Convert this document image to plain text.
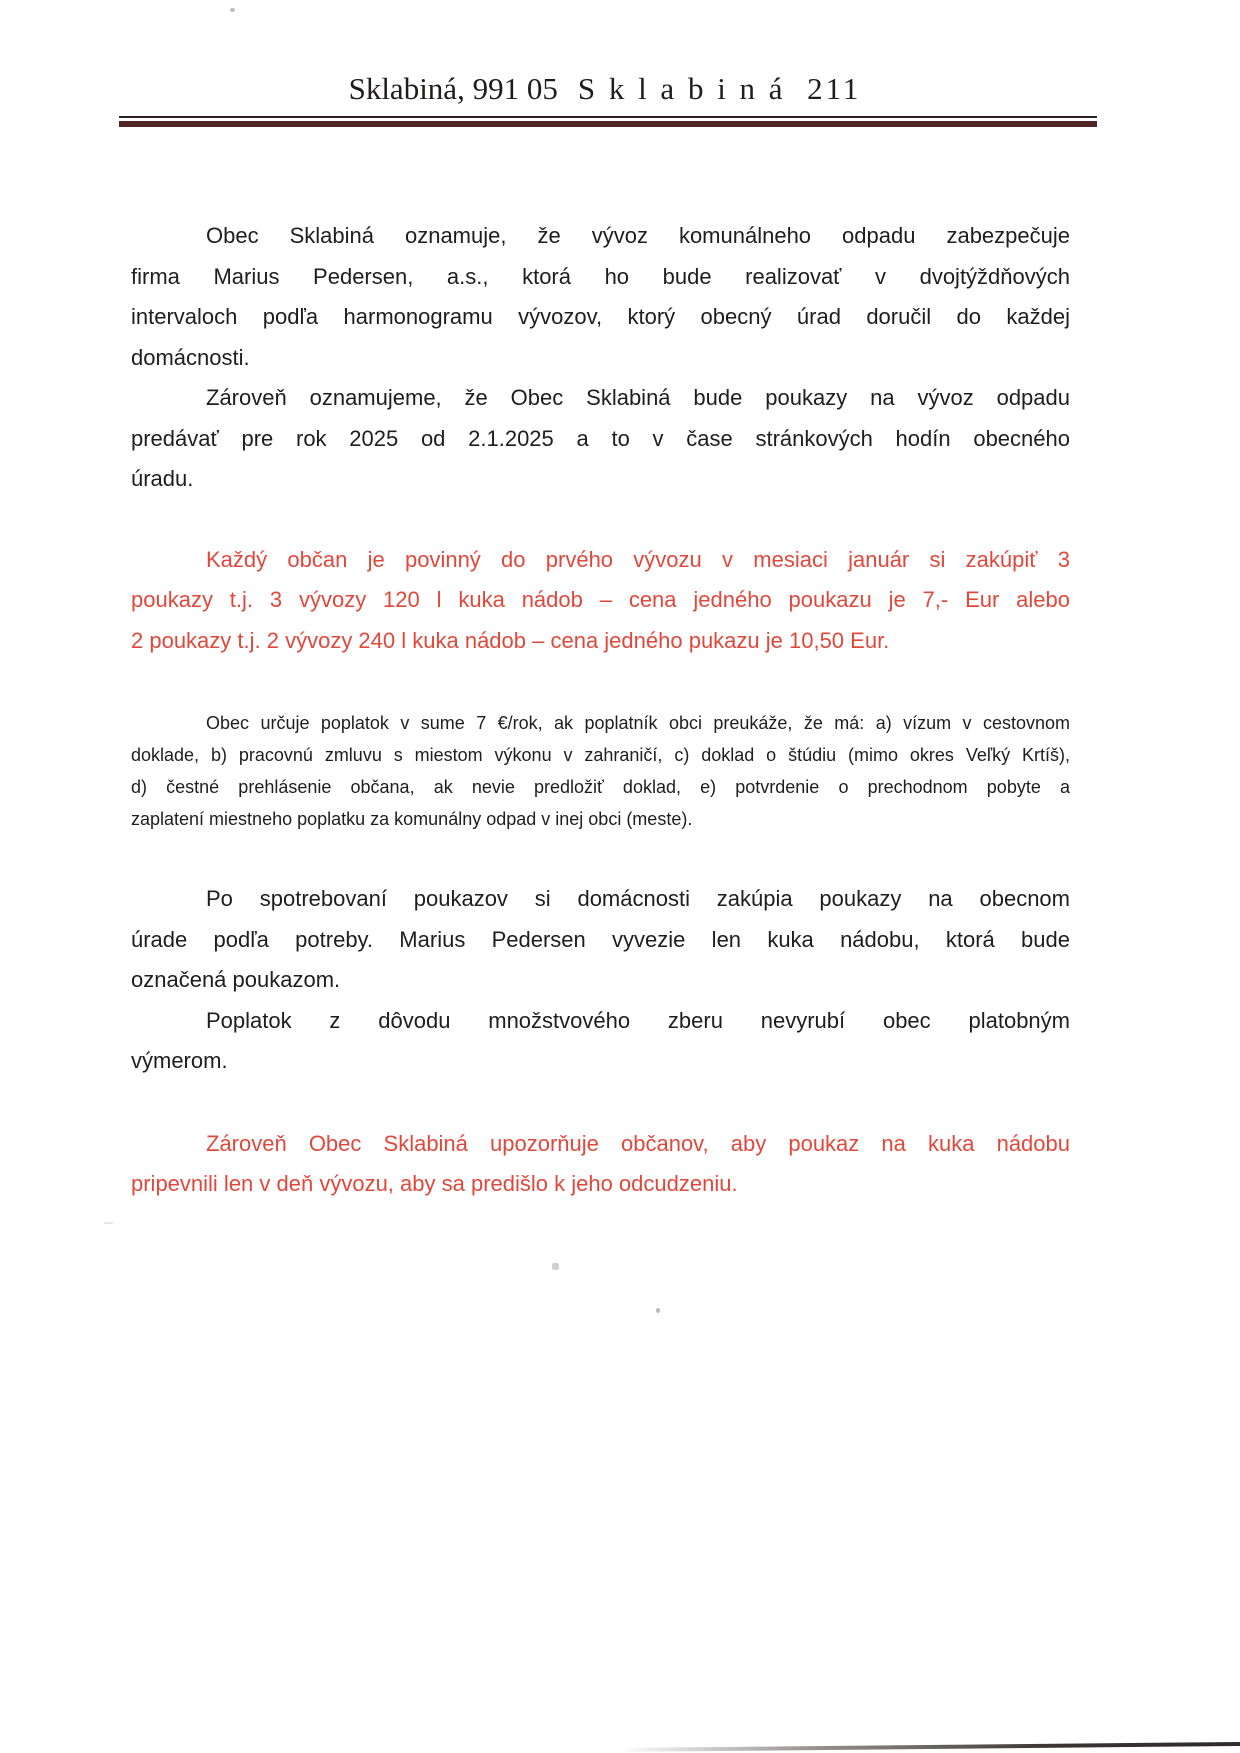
Sklabiná, 991 05 S k l a b i n á  211

Obec Sklabiná oznamuje, že vývoz komunálneho odpadu zabezpečuje
firma Marius Pedersen, a.s., ktorá ho bude realizovať v dvojtýždňových
intervaloch podľa harmonogramu vývozov, ktorý obecný úrad doručil do každej
domácnosti.

Zároveň oznamujeme, že Obec Sklabiná bude poukazy na vývoz odpadu
predávať pre rok 2025 od 2.1.2025 a to v čase stránkových hodín obecného
úradu.

Každý občan je povinný do prvého vývozu v mesiaci január si zakúpiť 3
poukazy t.j. 3 vývozy 120 l kuka nádob – cena jedného poukazu je 7,- Eur alebo
2 poukazy t.j. 2 vývozy 240 l kuka nádob – cena jedného pukazu je 10,50 Eur.

Obec určuje poplatok v sume 7 €/rok, ak poplatník obci preukáže, že má: a) vízum v cestovnom
doklade, b) pracovnú zmluvu s miestom výkonu v zahraničí, c) doklad o štúdiu (mimo okres Veľký Krtíš),
d) čestné prehlásenie občana, ak nevie predložiť doklad, e) potvrdenie o prechodnom pobyte a
zaplatení miestneho poplatku za komunálny odpad v inej obci (meste).

Po spotrebovaní poukazov si domácnosti zakúpia poukazy na obecnom
úrade podľa potreby. Marius Pedersen vyvezie len kuka nádobu, ktorá bude
označená poukazom.

Poplatok z dôvodu množstvového zberu nevyrubí obec platobným
výmerom.

Zároveň Obec Sklabiná upozorňuje občanov, aby poukaz na kuka nádobu
pripevnili len v deň vývozu, aby sa predišlo k jeho odcudzeniu.
